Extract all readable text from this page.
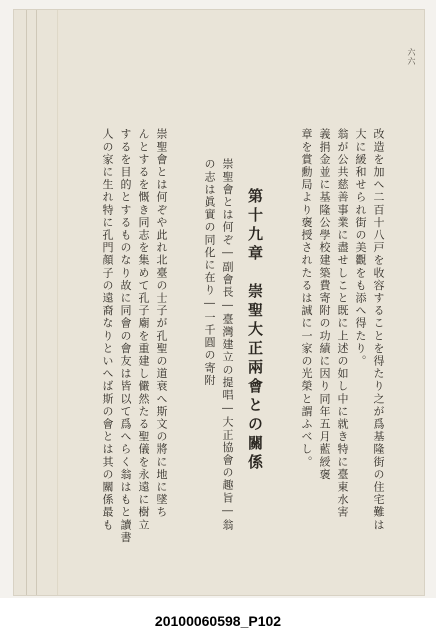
六六
改造を加へ二百十八戸を收容することを得たり之が爲基隆街の住宅難は
大に緩和せられ街の美觀をも添へ得たり。
翁が公共慈善事業に盡せしこと既に上述の如し中に就き特に臺東水害
義捐金並に基隆公學校建築費寄附の功績に因り同年五月藍綬褒
章を賞勳局より褒授されたるは誠に一家の光榮と謂ふべし。
第十九章　崇聖大正兩會との關係
崇聖會とは何ぞ―副會長―臺灣建立の提唱―大正協會の趣旨―翁
の志は眞實の同化に在り―一千圓の寄附
崇聖會とは何ぞや此れ北臺の士子が孔聖の道衰へ斯文の將に地に墜ち
んとするを慨き同志を集めて孔子廟を重建し儼然たる聖儀を永遠に樹立
するを目的とするものなり故に同會の會友は皆以て爲へらく翁はもと讀書
人の家に生れ特に孔門顏子の遠裔なりといへば斯の會とは其の關係最も
20100060598_P102
